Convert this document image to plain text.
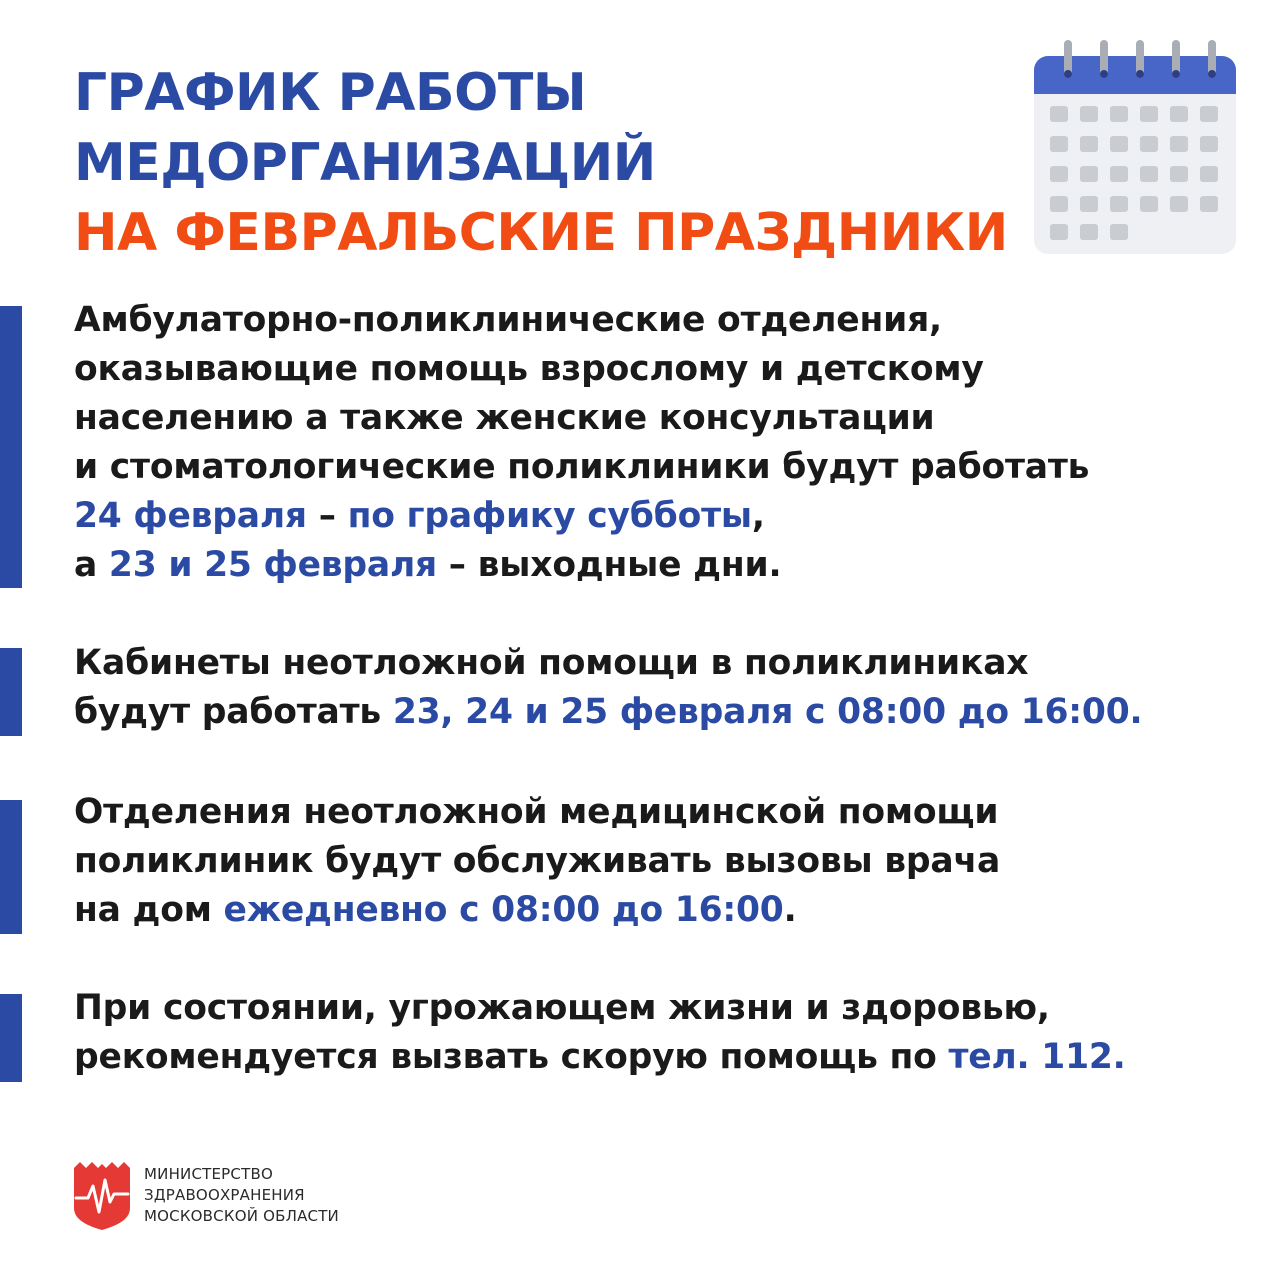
ГРАФИК РАБОТЫ
МЕДОРГАНИЗАЦИЙ
НА ФЕВРАЛЬСКИЕ ПРАЗДНИКИ
Амбулаторно-поликлинические отделения,
оказывающие помощь взрослому и детскому
населению а также женские консультации
и стоматологические поликлиники будут работать
24 февраля – по графику субботы,
а 23 и 25 февраля – выходные дни.
Кабинеты неотложной помощи в поликлиниках
будут работать 23, 24 и 25 февраля с 08:00 до 16:00.
Отделения неотложной медицинской помощи
поликлиник будут обслуживать вызовы врача
на дом ежедневно с 08:00 до 16:00.
При состоянии, угрожающем жизни и здоровью,
рекомендуется вызвать скорую помощь по тел. 112.
МИНИСТЕРСТВО
ЗДРАВООХРАНЕНИЯ
МОСКОВСКОЙ ОБЛАСТИ
